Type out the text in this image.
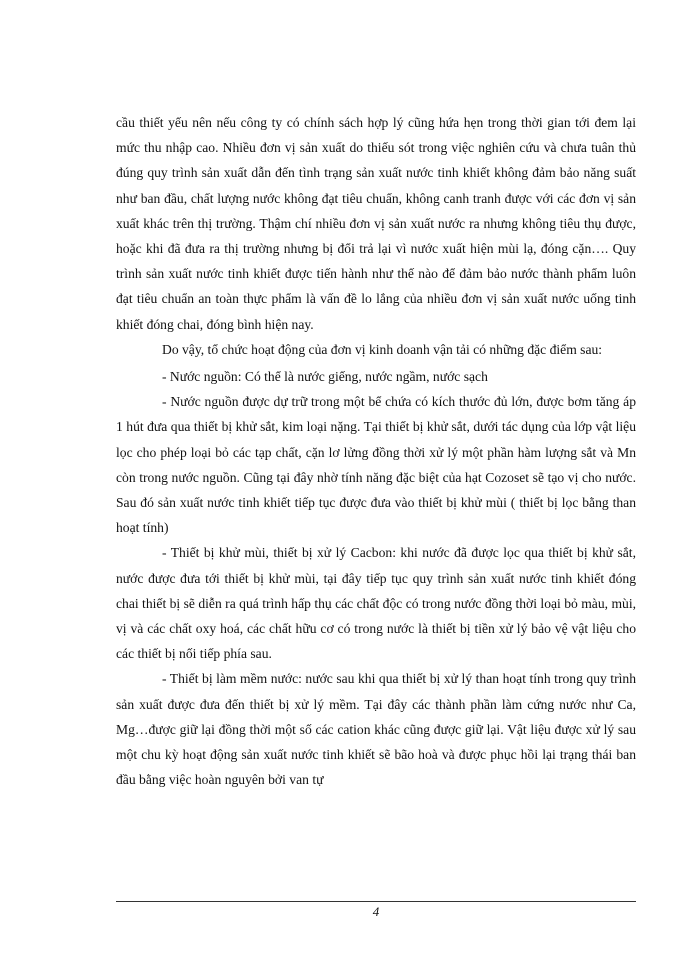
cầu thiết yếu nên nếu công ty có chính sách hợp lý cũng hứa hẹn trong thời gian tới đem lại mức thu nhập cao. Nhiều đơn vị sản xuất do thiếu sót trong việc nghiên cứu và chưa tuân thủ đúng quy trình sản xuất dẫn đến tình trạng sản xuất nước tinh khiết không đảm bảo năng suất như ban đầu, chất lượng nước không đạt tiêu chuẩn, không canh tranh được với các đơn vị sản xuất khác trên thị trường. Thậm chí nhiều đơn vị sản xuất nước ra nhưng không tiêu thụ được, hoặc khi đã đưa ra thị trường nhưng bị đổi trả lại vì nước xuất hiện mùi lạ, đóng cặn…. Quy trình sản xuất nước tinh khiết được tiến hành như thế nào để đảm bảo nước thành phẩm luôn đạt tiêu chuẩn an toàn thực phẩm là vấn đề lo lắng của nhiều đơn vị sản xuất nước uống tinh khiết đóng chai, đóng bình hiện nay.

Do vậy, tổ chức hoạt động của đơn vị kinh doanh vận tải có những đặc điểm sau:

- Nước nguồn: Có thể là nước giếng, nước ngầm, nước sạch

- Nước nguồn được dự trữ trong một bể chứa có kích thước đủ lớn, được bơm tăng áp 1 hút đưa qua thiết bị khử sắt, kim loại nặng. Tại thiết bị khử sắt, dưới tác dụng của lớp vật liệu lọc cho phép loại bỏ các tạp chất, cặn lơ lửng đồng thời xử lý một phần hàm lượng sắt và Mn còn trong nước nguồn. Cũng tại đây nhờ tính năng đặc biệt của hạt Cozoset sẽ tạo vị cho nước. Sau đó sản xuất nước tinh khiết tiếp tục được đưa vào thiết bị khử mùi ( thiết bị lọc bằng than hoạt tính)

- Thiết bị khử mùi, thiết bị xử lý Cacbon: khi nước đã được lọc qua thiết bị khử sắt, nước được đưa tới thiết bị khử mùi, tại đây tiếp tục quy trình sản xuất nước tinh khiết đóng chai thiết bị sẽ diễn ra quá trình hấp thụ các chất độc có trong nước đồng thời loại bỏ màu, mùi, vị và các chất oxy hoá, các chất hữu cơ có trong nước là thiết bị tiền xử lý bảo vệ vật liệu cho các thiết bị nối tiếp phía sau.

- Thiết bị làm mềm nước: nước sau khi qua thiết bị xử lý than hoạt tính trong quy trình sản xuất được đưa đến thiết bị xử lý mềm. Tại đây các thành phần làm cứng nước như Ca, Mg…được giữ lại đồng thời một số các cation khác cũng được giữ lại. Vật liệu được xử lý sau một chu kỳ hoạt động sản xuất nước tinh khiết sẽ bão hoà và được phục hồi lại trạng thái ban đầu bằng việc hoàn nguyên bởi van tự

4
